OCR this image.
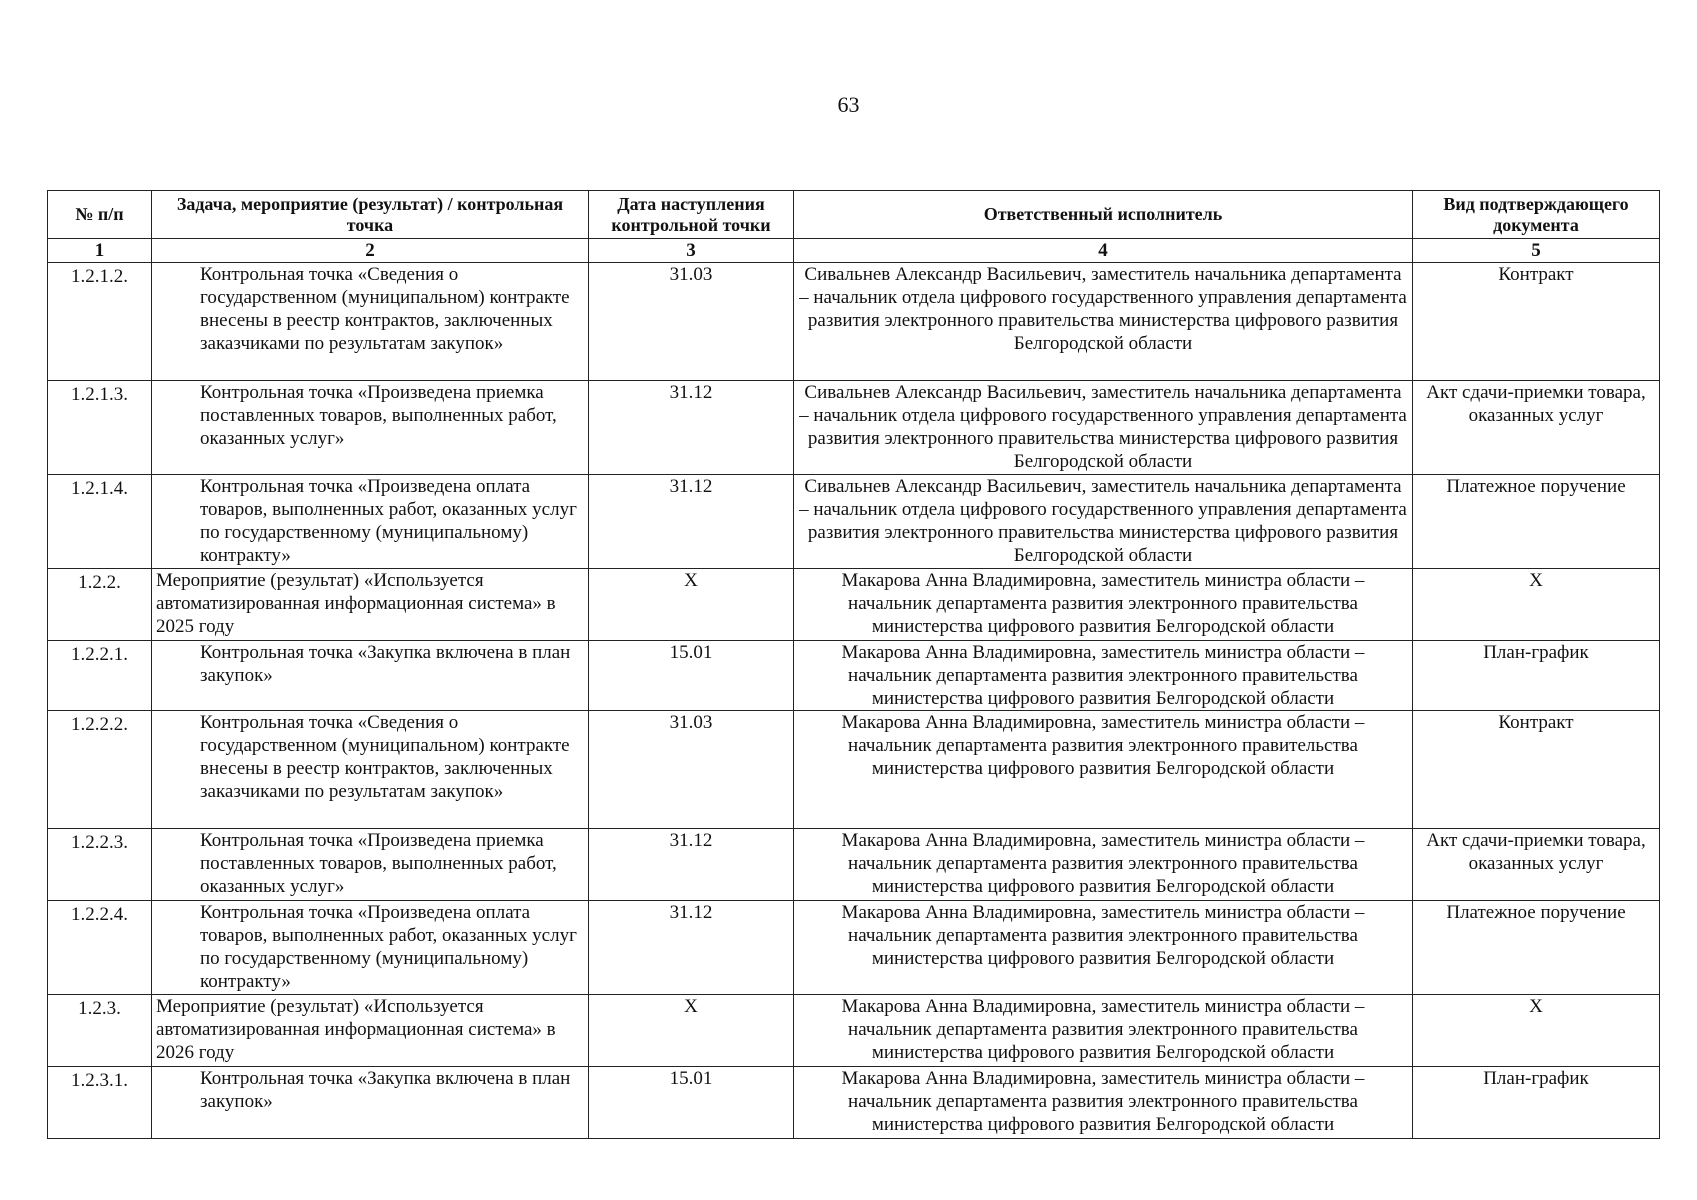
63
№ п/п	Задача, мероприятие (результат) / контрольная точка	Дата наступления контрольной точки	Ответственный исполнитель	Вид подтверждающего документа
1	2	3	4	5
1.2.1.2.	Контрольная точка «Сведения о государственном (муниципальном) контракте внесены в реестр контрактов, заключенных заказчиками по результатам закупок»	31.03	Сивальнев Александр Васильевич, заместитель начальника департамента – начальник отдела цифрового государственного управления департамента развития электронного правительства министерства цифрового развития Белгородской области	Контракт
1.2.1.3.	Контрольная точка «Произведена приемка поставленных товаров, выполненных работ, оказанных услуг»	31.12	Сивальнев Александр Васильевич, заместитель начальника департамента – начальник отдела цифрового государственного управления департамента развития электронного правительства министерства цифрового развития Белгородской области	Акт сдачи-приемки товара, оказанных услуг
1.2.1.4.	Контрольная точка «Произведена оплата товаров, выполненных работ, оказанных услуг по государственному (муниципальному) контракту»	31.12	Сивальнев Александр Васильевич, заместитель начальника департамента – начальник отдела цифрового государственного управления департамента развития электронного правительства министерства цифрового развития Белгородской области	Платежное поручение
1.2.2.	Мероприятие (результат) «Используется автоматизированная информационная система» в 2025 году	Х	Макарова Анна Владимировна, заместитель министра области – начальник департамента развития электронного правительства министерства цифрового развития Белгородской области	Х
1.2.2.1.	Контрольная точка «Закупка включена в план закупок»	15.01	Макарова Анна Владимировна, заместитель министра области – начальник департамента развития электронного правительства министерства цифрового развития Белгородской области	План-график
1.2.2.2.	Контрольная точка «Сведения о государственном (муниципальном) контракте внесены в реестр контрактов, заключенных заказчиками по результатам закупок»	31.03	Макарова Анна Владимировна, заместитель министра области – начальник департамента развития электронного правительства министерства цифрового развития Белгородской области	Контракт
1.2.2.3.	Контрольная точка «Произведена приемка поставленных товаров, выполненных работ, оказанных услуг»	31.12	Макарова Анна Владимировна, заместитель министра области – начальник департамента развития электронного правительства министерства цифрового развития Белгородской области	Акт сдачи-приемки товара, оказанных услуг
1.2.2.4.	Контрольная точка «Произведена оплата товаров, выполненных работ, оказанных услуг по государственному (муниципальному) контракту»	31.12	Макарова Анна Владимировна, заместитель министра области – начальник департамента развития электронного правительства министерства цифрового развития Белгородской области	Платежное поручение
1.2.3.	Мероприятие (результат) «Используется автоматизированная информационная система» в 2026 году	Х	Макарова Анна Владимировна, заместитель министра области – начальник департамента развития электронного правительства министерства цифрового развития Белгородской области	Х
1.2.3.1.	Контрольная точка «Закупка включена в план закупок»	15.01	Макарова Анна Владимировна, заместитель министра области – начальник департамента развития электронного правительства министерства цифрового развития Белгородской области	План-график
